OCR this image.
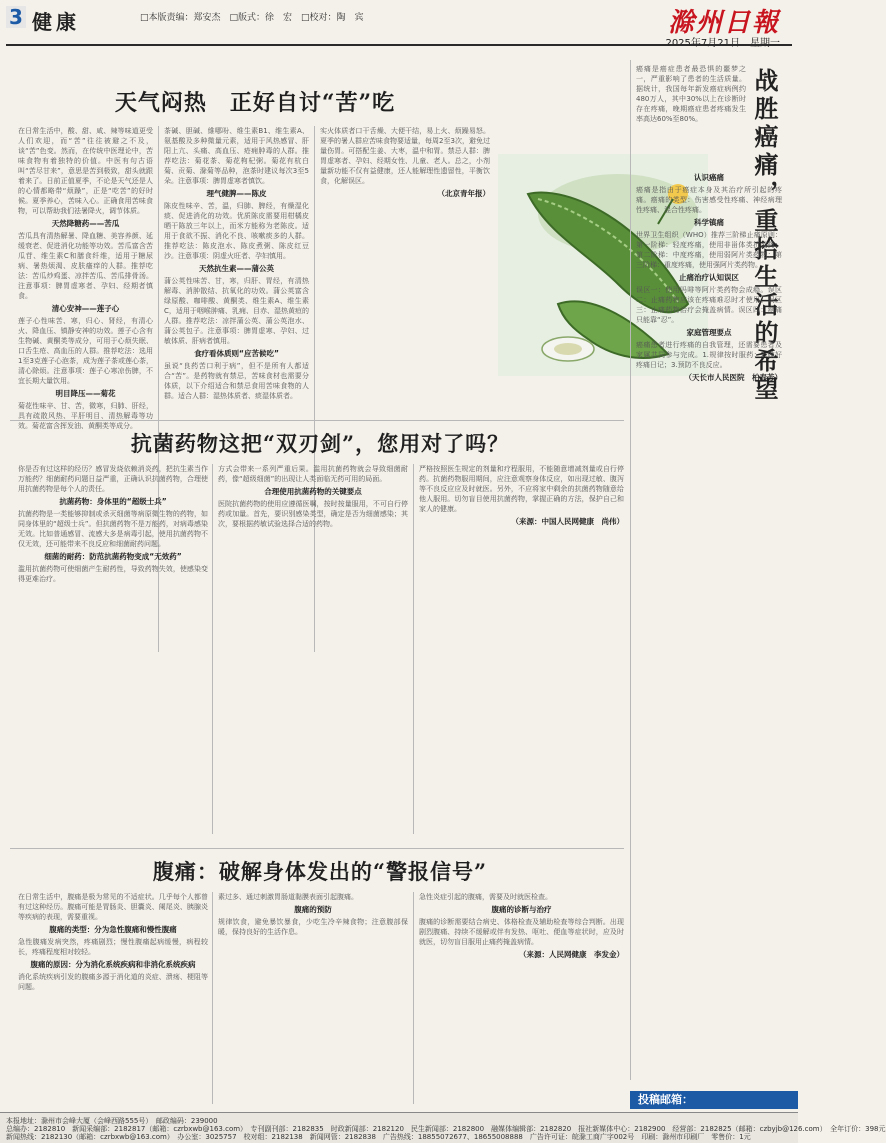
3 健康	□本版责编：郑安杰　□版式：徐　宏　□校对：陶　宾	滁州日報
天气闷热　正好自讨“苦”吃
在日常生活中，酸、甜、咸、辣等味道更受人们欢迎，而“苦”往往被避之不及，谈“苦”色变。然而，在传统中医理论中，苦味食物有着独特的价值。中医有句古语叫“苦尽甘来”，意思是苦到极致，甜头就跟着来了。日前正值夏季，不论是天气还是人的心情都略带“烦躁”，正是“吃苦”的好时候。夏季养心，苦味入心。正确食用苦味食物，可以帮助我们祛暑降火，调节体质。
天然降糖药——苦瓜
苦瓜具有清热解暑、降血糖、美容养颜、延缓衰老、促进消化功能等功效。苦瓜富含苦瓜苷、维生素C和膳食纤维，适用于糖尿病、暑热烦渴、皮肤瘙痒的人群。推荐吃法：苦瓜炒鸡蛋、凉拌苦瓜、苦瓜排骨汤。注意事项：脾胃虚寒者、孕妇、经期者慎食。
清心安神——莲子心
莲子心性味苦、寒，归心、肾经，有清心火、降血压、镇静安神的功效。莲子心含有生物碱、黄酮类等成分，可用于心烦失眠、口舌生疮、高血压的人群。推荐吃法：选用1至3克莲子心泡茶，成为莲子茶或莲心茶，清心除烦。注意事项：莲子心寒凉伤脾，不宜长期大量饮用。
明目降压——菊花
菊花性味辛、甘、苦，微寒，归肺、肝经，具有疏散风热、平肝明目、清热解毒等功效。菊花富含挥发油、黄酮类等成分。
茶碱、胆碱、維哪吩、维生素B1、维生素A、氨基酸及多种微量元素，适用于风热感冒、肝阳上亢、头痛、高血压、疮痈肿毒的人群。推荐吃法：菊花茶、菊花枸杞粥。菊花有杭白菊、贡菊、滁菊等品种，泡茶时建议每次3至5朵。注意事项：脾胃虚寒者慎饮。
理气健脾——陈皮
陈皮性味辛、苦，温，归肺、脾经，有燥湿化痰、促进消化的功效。优质陈皮需要用柑橘皮晒干陈放三年以上，而米方能称为老陈皮。适用于食欲不振、消化不良、咳嗽痰多的人群。推荐吃法：陈皮泡水、陈皮煮粥、陈皮红豆沙。注意事项：阴虚火旺者、孕妇慎用。
天然抗生素——蒲公英
蒲公英性味苦、甘，寒，归肝、胃经，有清热解毒、消肿散结、抗氧化的功效。蒲公英富含绿原酸、咖啡酸、黄酮类、维生素A、维生素C，适用于咽喉肿痛、乳痈、目赤、湿热黄疸的人群。推荐吃法：凉拌蒲公英、蒲公英泡水、蒲公英包子。注意事项：脾胃虚寒、孕妇、过敏体质、肝病者慎用。
食疗看体质则“应苦候吃”
虽说“良药苦口利于病”，但不是所有人都适合“苦”。是药物就有禁忌，苦味食材也需要分体质，以下介绍适合和禁忌食用苦味食物的人群。适合人群：湿热体质者、痰湿体质者。
实火体质者口干舌燥、大便干结，易上火、烦躁易怒。夏季的暑人群应苦味食物要适量，每周2至3次，避免过量伤胃。可搭配生姜、大枣，温中和胃。禁忌人群：脾胃虚寒者、孕妇、经期女性、儿童、老人。总之，小剂量新功能不仅有益健康，还人能解理性遗留性，平衡饮食，化解误区。
（北京青年报）
癌痛是癌症患者最恐惧的噩梦之一，严重影响了患者的生活质量。据统计，我国每年新发癌症病例约480万人，其中30%以上在诊断时存在疼痛，晚期癌症患者疼痛发生率高达60%至80%。	战胜癌痛，重拾生活的希望
认识癌痛
癌痛是指由于癌症本身及其治疗所引起的疼痛。癌痛的类型：伤害感受性疼痛、神经病理性疼痛、混合性疼痛。
科学镇痛
世界卫生组织（WHO）推荐三阶梯止痛原则：第一阶梯：轻度疼痛，使用非甾体类抗炎药；第二阶梯：中度疼痛，使用弱阿片类药物；第三阶梯：重度疼痛，使用强阿片类药物。
止痛治疗认知误区
误区一：使用吗啡等阿片类药物会成瘾。误区二：止痛药物应该在疼痛难忍时才使用。误区三：止痛药物治疗会掩盖病情。误区四：癌痛只能靠“忍”。
家庭管理要点
癌痛患者进行疼痛的自我管理，还需要患者及家属共同参与完成。1.规律按时服药；2.做好疼痛日记；3.预防不良反应。
（天长市人民医院　柏春芳）
投稿邮箱：
抗菌药物这把“双刃剑”，您用对了吗？
你是否有过这样的经历？感冒发烧依赖消炎药，把抗生素当作万能药？细菌耐药问题日益严重，正确认识抗菌药物，合理使用抗菌药物是每个人的责任。
抗菌药物：身体里的“超级士兵”
抗菌药物是一类能够抑制或杀灭细菌等病原微生物的药物，如同身体里的“超级士兵”。但抗菌药物不是万能药，对病毒感染无效。比如普通感冒、流感大多是病毒引起，使用抗菌药物不仅无效，还可能带来不良反应和细菌耐药问题。
细菌的耐药：防范抗菌药物变成“无效药”
滥用抗菌药物可使细菌产生耐药性，导致药物失效，使感染变得更难治疗。
方式会带来一系列严重后果。滥用抗菌药物就会导致细菌耐药，像“超级细菌”的出现让人类面临无药可用的局面。
合理使用抗菌药物的关键要点
医院抗菌药物的使用应遵循医嘱，按时按量服用，不可自行停药或加量。首先，要识别感染类型，确定是否为细菌感染；其次，要根据药敏试验选择合适的药物。
严格按照医生规定的剂量和疗程服用，不能随意增减剂量或自行停药。抗菌药物服用期间，应注意观察身体反应，如出现过敏、腹泻等不良反应应及时就医。另外，不应将家中剩余的抗菌药物随意给他人服用。切勿盲目使用抗菌药物，掌握正确的方法，保护自己和家人的健康。
（来源：中国人民网健康　尚伟）
腹痛：破解身体发出的“警报信号”
在日常生活中，腹痛是极为常见的不适症状。几乎每个人都曾有过这种经历。腹痛可能是胃肠炎、胆囊炎、阑尾炎、胰腺炎等疾病的表现，需要重视。
腹痛的类型：分为急性腹痛和慢性腹痛
急性腹痛发病突然，疼痛剧烈；慢性腹痛起病缓慢，病程较长，疼痛程度相对较轻。
腹痛的原因：分为消化系统疾病和非消化系统疾病
消化系统疾病引发的腹痛多源于消化道的炎症、溃疡、梗阻等问题。
素过多、通过刺激胃肠道黏膜表面引起腹痛。
腹痛的预防
规律饮食，避免暴饮暴食，少吃生冷辛辣食物；注意腹部保暖，保持良好的生活作息。
急性炎症引起的腹痛，需要及时就医检查。
腹痛的诊断与治疗
腹痛的诊断需要结合病史、体格检查及辅助检查等综合判断。出现剧烈腹痛、持续不缓解或伴有发热、呕吐、便血等症状时，应及时就医，切勿盲目服用止痛药掩盖病情。
（来源：人民网健康　李发金）
本报地址：滁州市会峰大厦（会峰西路555号）　邮政编码：239000
总编办：2182810　新闻采编部：2182817（邮箱：czrbxwb@163.com）　专刊副刊部：2182835　时政新闻部：2182120　民生新闻部：2182800　融媒体编辑部：2182820　报社新媒体中心：2182900　经营部：2182825（邮箱：czbyjb@126.com）　全年订价：398元
新闻热线：2182130（邮箱：czrbxwb@163.com）　办公室：3025757　校对组：2182138　新闻网管：2182838　广告热线：18855072677、18655008888　广告许可证：皖滁工商广字002号　印刷：滁州市印刷厂　零售价：1元
